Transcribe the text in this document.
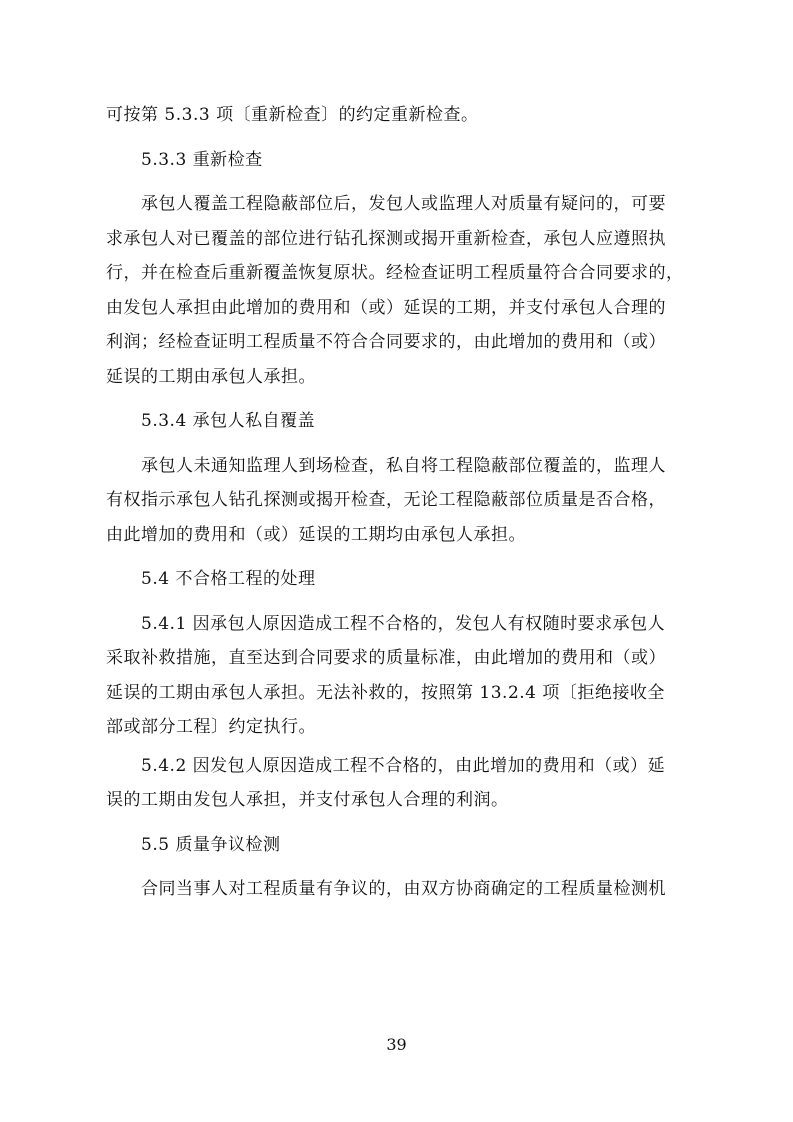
可按第 5.3.3 项〔重新检查〕的约定重新检查。
5.3.3 重新检查
承包人覆盖工程隐蔽部位后，发包人或监理人对质量有疑问的，可要
求承包人对已覆盖的部位进行钻孔探测或揭开重新检查，承包人应遵照执
行，并在检查后重新覆盖恢复原状。经检查证明工程质量符合合同要求的，
由发包人承担由此增加的费用和（或）延误的工期，并支付承包人合理的
利润；经检查证明工程质量不符合合同要求的，由此增加的费用和（或）
延误的工期由承包人承担。
5.3.4 承包人私自覆盖
承包人未通知监理人到场检查，私自将工程隐蔽部位覆盖的，监理人
有权指示承包人钻孔探测或揭开检查，无论工程隐蔽部位质量是否合格，
由此增加的费用和（或）延误的工期均由承包人承担。
5.4 不合格工程的处理
5.4.1 因承包人原因造成工程不合格的，发包人有权随时要求承包人
采取补救措施，直至达到合同要求的质量标准，由此增加的费用和（或）
延误的工期由承包人承担。无法补救的，按照第 13.2.4 项〔拒绝接收全
部或部分工程〕约定执行。
5.4.2 因发包人原因造成工程不合格的，由此增加的费用和（或）延
误的工期由发包人承担，并支付承包人合理的利润。
5.5 质量争议检测
合同当事人对工程质量有争议的，由双方协商确定的工程质量检测机
39
